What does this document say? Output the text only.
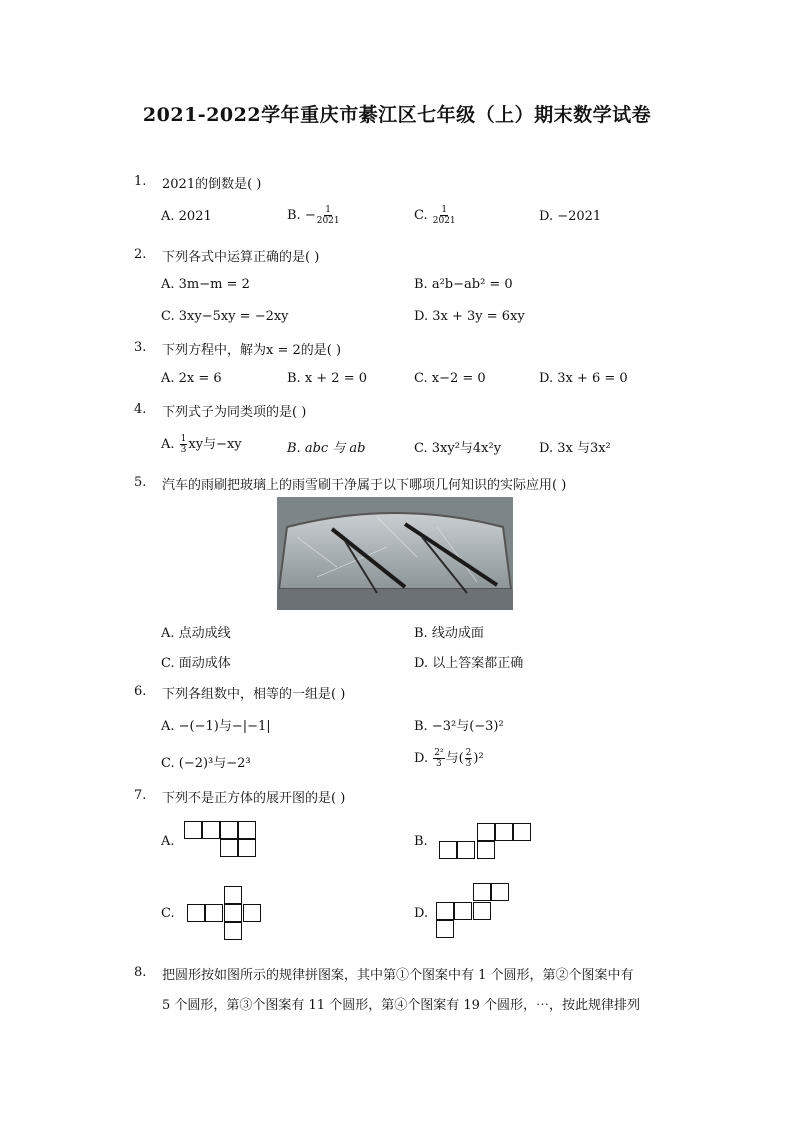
2021-2022学年重庆市綦江区七年级（上）期末数学试卷
1. 2021的倒数是( )
A. 2021	B. − $\frac{1}{2021}$	C. $\frac{1}{2021}$	D. −2021
2. 下列各式中运算正确的是( )
A. 3m−m = 2	B. a²b−ab² = 0
C. 3xy−5xy = −2xy	D. 3x + 3y = 6xy
3. 下列方程中，解为x = 2的是( )
A. 2x = 6	B. x + 2 = 0	C. x−2 = 0	D. 3x + 6 = 0
4. 下列式子为同类项的是( )
A. $\frac{1}{3}$ xy与−xy	B. abc 与 ab	C. 3xy²与4x²y	D. 3x 与3x²
5. 汽车的雨刷把玻璃上的雨雪刷干净属于以下哪项几何知识的实际应用( )
A. 点动成线	B. 线动成面
C. 面动成体	D. 以上答案都正确
6. 下列各组数中，相等的一组是( )
A. −(−1)与−|−1|	B. −3²与(−3)²
C. (−2)³与−2³	D. $\frac{\text{2²}}{3}$ 与( $\frac{2}{3} )^2$
7. 下列不是正方体的展开图的是( )
A.	B.
C.	D.
8. 把圆形按如图所示的规律拼图案，其中第①个图案中有 1 个圆形，第②个图案中有
5 个圆形，第③个图案有 11 个圆形，第④个图案有 19 个圆形，⋯，按此规律排列
